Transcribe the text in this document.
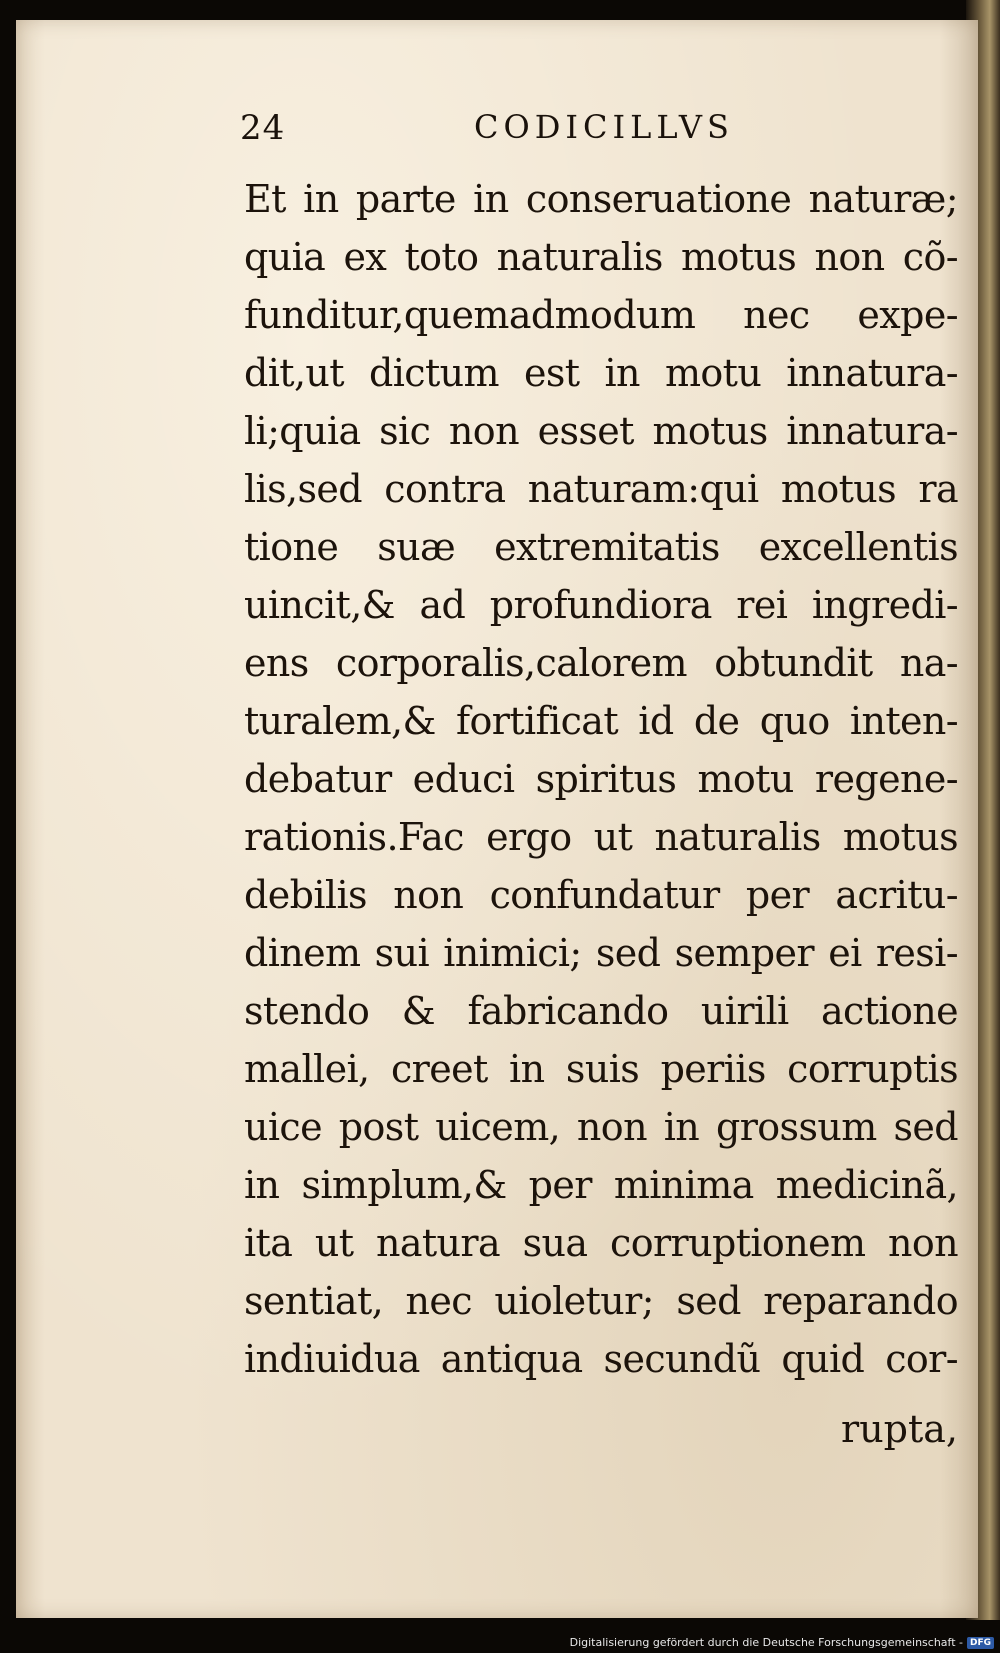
24	CODICILLVS
Et in parte in conseruatione naturæ;
quia ex toto naturalis motus non cõ-
funditur,quemadmodum nec expe-
dit,ut dictum est in motu innatura-
li;quia sic non esset motus innatura-
lis,sed contra naturam:qui motus ra
tione suæ extremitatis excellentis
uincit,& ad profundiora rei ingredi-
ens corporalis,calorem obtundit na-
turalem,& fortificat id de quo inten-
debatur educi spiritus motu regene-
rationis.Fac ergo ut naturalis motus
debilis non confundatur per acritu-
dinem sui inimici; sed semper ei resi-
stendo & fabricando uirili actione
mallei, creet in suis periis corruptis
uice post uicem, non in grossum sed
in simplum,& per minima medicinã,
ita ut natura sua corruptionem non
sentiat, nec uioletur; sed reparando
indiuidua antiqua secundũ quid cor-
rupta,
Digitalisierung gefördert durch die Deutsche Forschungsgemeinschaft - DFG
